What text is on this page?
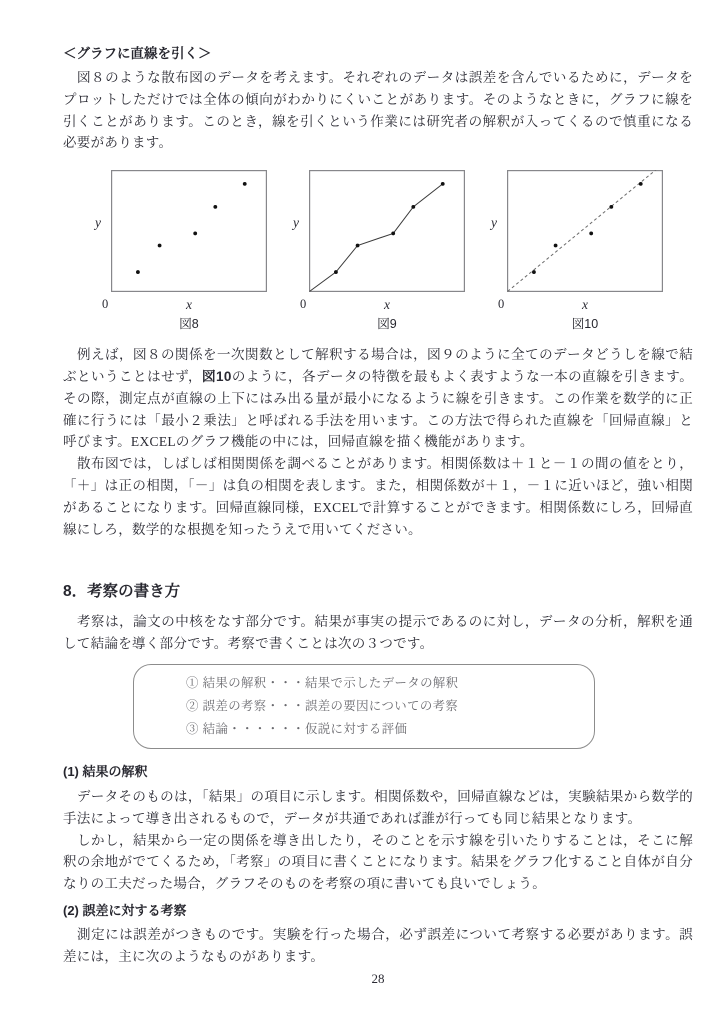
＜グラフに直線を引く＞

　図８のような散布図のデータを考えます。それぞれのデータは誤差を含んでいるために，データをプロットしただけでは全体の傾向がわかりにくいことがあります。そのようなときに，グラフに線を引くことがあります。このとき，線を引くという作業には研究者の解釈が入ってくるので慎重になる必要があります。

y
0	x
図8
y
0	x
図9
y
0	x
図10

　例えば，図８の関係を一次関数として解釈する場合は，図９のように全てのデータどうしを線で結ぶということはせず，図10のように，各データの特徴を最もよく表すような一本の直線を引きます。その際，測定点が直線の上下にはみ出る量が最小になるように線を引きます。この作業を数学的に正確に行うには「最小２乗法」と呼ばれる手法を用います。この方法で得られた直線を「回帰直線」と呼びます。EXCELのグラフ機能の中には，回帰直線を描く機能があります。

　散布図では，しばしば相関関係を調べることがあります。相関係数は＋１と－１の間の値をとり，「＋」は正の相関，「－」は負の相関を表します。また，相関係数が＋１，－１に近いほど，強い相関があることになります。回帰直線同様，EXCELで計算することができます。相関係数にしろ，回帰直線にしろ，数学的な根拠を知ったうえで用いてください。

8．考察の書き方

　考察は，論文の中核をなす部分です。結果が事実の提示であるのに対し，データの分析，解釈を通して結論を導く部分です。考察で書くことは次の３つです。

① 結果の解釈・・・結果で示したデータの解釈
② 誤差の考察・・・誤差の要因についての考察
③ 結論・・・・・・仮説に対する評価
(1) 結果の解釈

　データそのものは，「結果」の項目に示します。相関係数や，回帰直線などは，実験結果から数学的手法によって導き出されるもので，データが共通であれば誰が行っても同じ結果となります。

　しかし，結果から一定の関係を導き出したり，そのことを示す線を引いたりすることは，そこに解釈の余地がでてくるため，「考察」の項目に書くことになります。結果をグラフ化すること自体が自分なりの工夫だった場合，グラフそのものを考察の項に書いても良いでしょう。

(2) 誤差に対する考察

　測定には誤差がつきものです。実験を行った場合，必ず誤差について考察する必要があります。誤差には，主に次のようなものがあります。

28
